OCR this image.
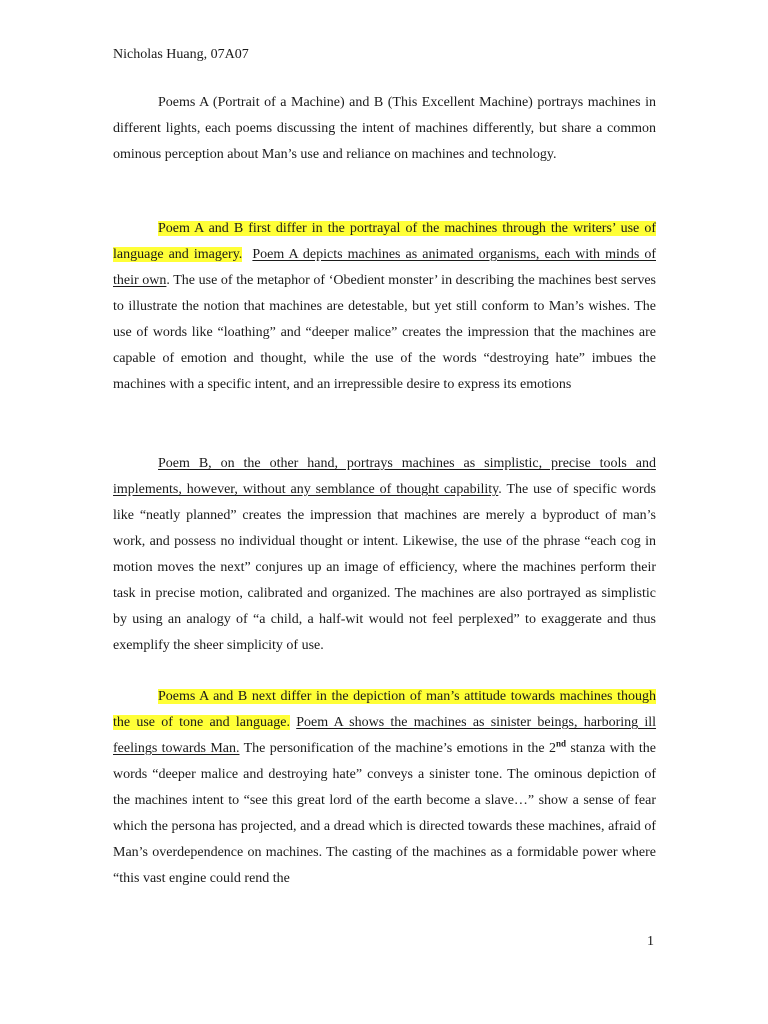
Nicholas Huang, 07A07

Poems A (Portrait of a Machine) and B (This Excellent Machine) portrays machines in different lights, each poems discussing the intent of machines differently, but share a common ominous perception about Man’s use and reliance on machines and technology.

Poem A and B first differ in the portrayal of the machines through the writers’ use of language and imagery. Poem A depicts machines as animated organisms, each with minds of their own. The use of the metaphor of ‘Obedient monster’ in describing the machines best serves to illustrate the notion that machines are detestable, but yet still conform to Man’s wishes. The use of words like “loathing” and “deeper malice” creates the impression that the machines are capable of emotion and thought, while the use of the words “destroying hate” imbues the machines with a specific intent, and an irrepressible desire to express its emotions

Poem B, on the other hand, portrays machines as simplistic, precise tools and implements, however, without any semblance of thought capability. The use of specific words like “neatly planned” creates the impression that machines are merely a byproduct of man’s work, and possess no individual thought or intent. Likewise, the use of the phrase “each cog in motion moves the next” conjures up an image of efficiency, where the machines perform their task in precise motion, calibrated and organized. The machines are also portrayed as simplistic by using an analogy of “a child, a half-wit would not feel perplexed” to exaggerate and thus exemplify the sheer simplicity of use.

Poems A and B next differ in the depiction of man’s attitude towards machines though the use of tone and language. Poem A shows the machines as sinister beings, harboring ill feelings towards Man. The personification of the machine’s emotions in the 2nd stanza with the words “deeper malice and destroying hate” conveys a sinister tone. The ominous depiction of the machines intent to “see this great lord of the earth become a slave…” show a sense of fear which the persona has projected, and a dread which is directed towards these machines, afraid of Man’s overdependence on machines. The casting of the machines as a formidable power where “this vast engine could rend the

1
